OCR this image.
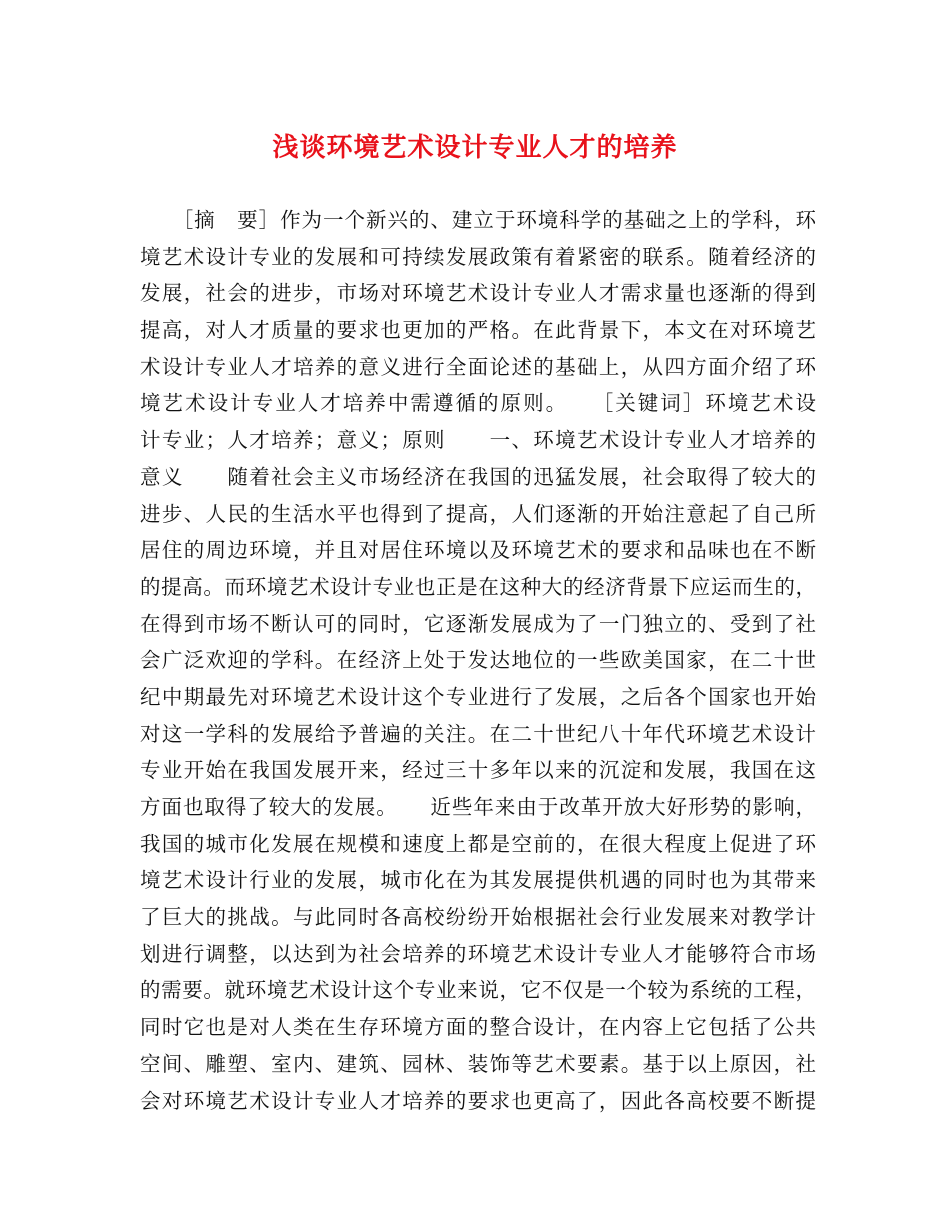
浅谈环境艺术设计专业人才的培养
　　［摘　要］作为一个新兴的、建立于环境科学的基础之上的学科，环
境艺术设计专业的发展和可持续发展政策有着紧密的联系。随着经济的
发展，社会的进步，市场对环境艺术设计专业人才需求量也逐渐的得到
提高，对人才质量的要求也更加的严格。在此背景下，本文在对环境艺
术设计专业人才培养的意义进行全面论述的基础上，从四方面介绍了环
境艺术设计专业人才培养中需遵循的原则。　　［关键词］环境艺术设
计专业；人才培养；意义；原则　　一、环境艺术设计专业人才培养的
意义　　随着社会主义市场经济在我国的迅猛发展，社会取得了较大的
进步、人民的生活水平也得到了提高，人们逐渐的开始注意起了自己所
居住的周边环境，并且对居住环境以及环境艺术的要求和品味也在不断
的提高。而环境艺术设计专业也正是在这种大的经济背景下应运而生的，
在得到市场不断认可的同时，它逐渐发展成为了一门独立的、受到了社
会广泛欢迎的学科。在经济上处于发达地位的一些欧美国家，在二十世
纪中期最先对环境艺术设计这个专业进行了发展，之后各个国家也开始
对这一学科的发展给予普遍的关注。在二十世纪八十年代环境艺术设计
专业开始在我国发展开来，经过三十多年以来的沉淀和发展，我国在这
方面也取得了较大的发展。　　近些年来由于改革开放大好形势的影响，
我国的城市化发展在规模和速度上都是空前的，在很大程度上促进了环
境艺术设计行业的发展，城市化在为其发展提供机遇的同时也为其带来
了巨大的挑战。与此同时各高校纷纷开始根据社会行业发展来对教学计
划进行调整，以达到为社会培养的环境艺术设计专业人才能够符合市场
的需要。就环境艺术设计这个专业来说，它不仅是一个较为系统的工程，
同时它也是对人类在生存环境方面的整合设计，在内容上它包括了公共
空间、雕塑、室内、建筑、园林、装饰等艺术要素。基于以上原因，社
会对环境艺术设计专业人才培养的要求也更高了，因此各高校要不断提
